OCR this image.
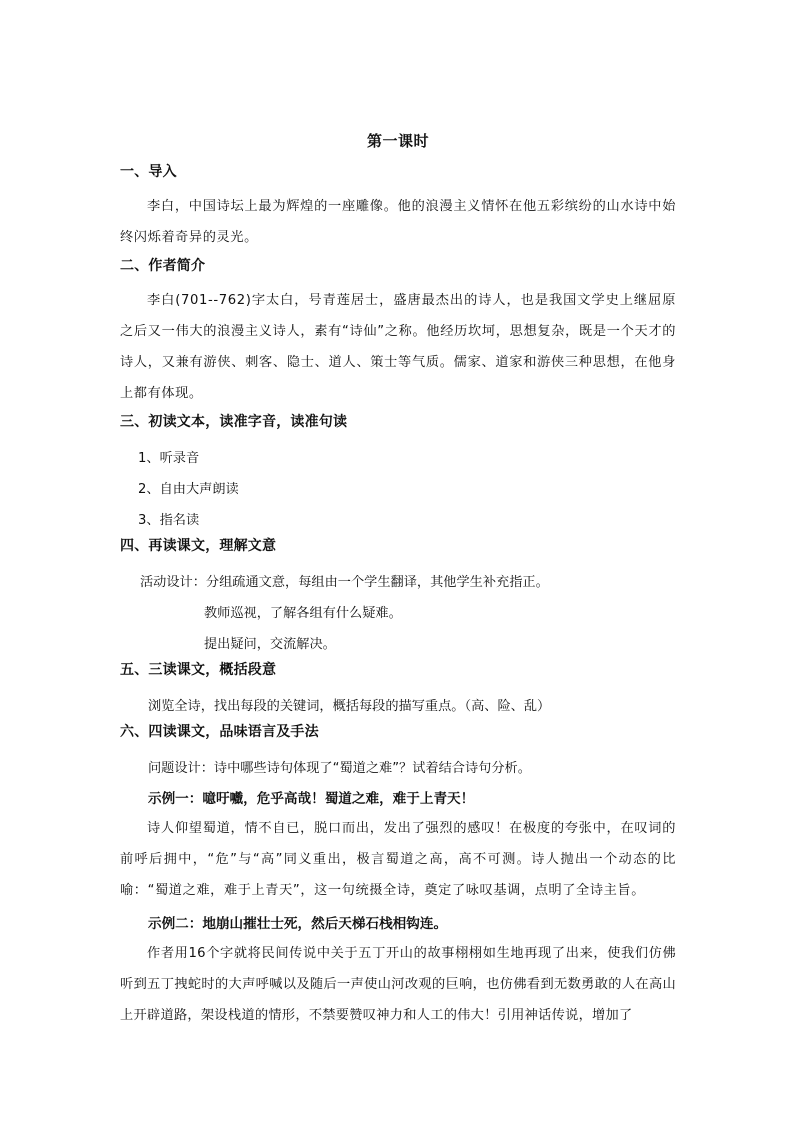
第一课时
一、导入
李白，中国诗坛上最为辉煌的一座雕像。他的浪漫主义情怀在他五彩缤纷的山水诗中始终闪烁着奇异的灵光。
二、作者简介
李白(701--762)字太白，号青莲居士，盛唐最杰出的诗人，也是我国文学史上继屈原之后又一伟大的浪漫主义诗人，素有“诗仙”之称。他经历坎坷，思想复杂，既是一个天才的诗人，又兼有游侠、刺客、隐士、道人、策士等气质。儒家、道家和游侠三种思想，在他身上都有体现。
三、初读文本，读准字音，读准句读
1、听录音
2、自由大声朗读
3、指名读
四、再读课文，理解文意
活动设计：分组疏通文意，每组由一个学生翻译，其他学生补充指正。
教师巡视，了解各组有什么疑难。
提出疑问，交流解决。
五、三读课文，概括段意
浏览全诗，找出每段的关键词，概括每段的描写重点。（高、险、乱）
六、四读课文，品味语言及手法
问题设计：诗中哪些诗句体现了“蜀道之难”？试着结合诗句分析。
示例一：噫吁嚱，危乎高哉！蜀道之难，难于上青天！
诗人仰望蜀道，情不自已，脱口而出，发出了强烈的感叹！在极度的夸张中，在叹词的前呼后拥中，“危”与“高”同义重出，极言蜀道之高，高不可测。诗人抛出一个动态的比喻：“蜀道之难，难于上青天”，这一句统摄全诗，奠定了咏叹基调，点明了全诗主旨。
示例二：地崩山摧壮士死，然后天梯石栈相钩连。
作者用16个字就将民间传说中关于五丁开山的故事栩栩如生地再现了出来，使我们仿佛听到五丁拽蛇时的大声呼喊以及随后一声使山河改观的巨响，也仿佛看到无数勇敢的人在高山上开辟道路，架设栈道的情形，不禁要赞叹神力和人工的伟大！引用神话传说，增加了
